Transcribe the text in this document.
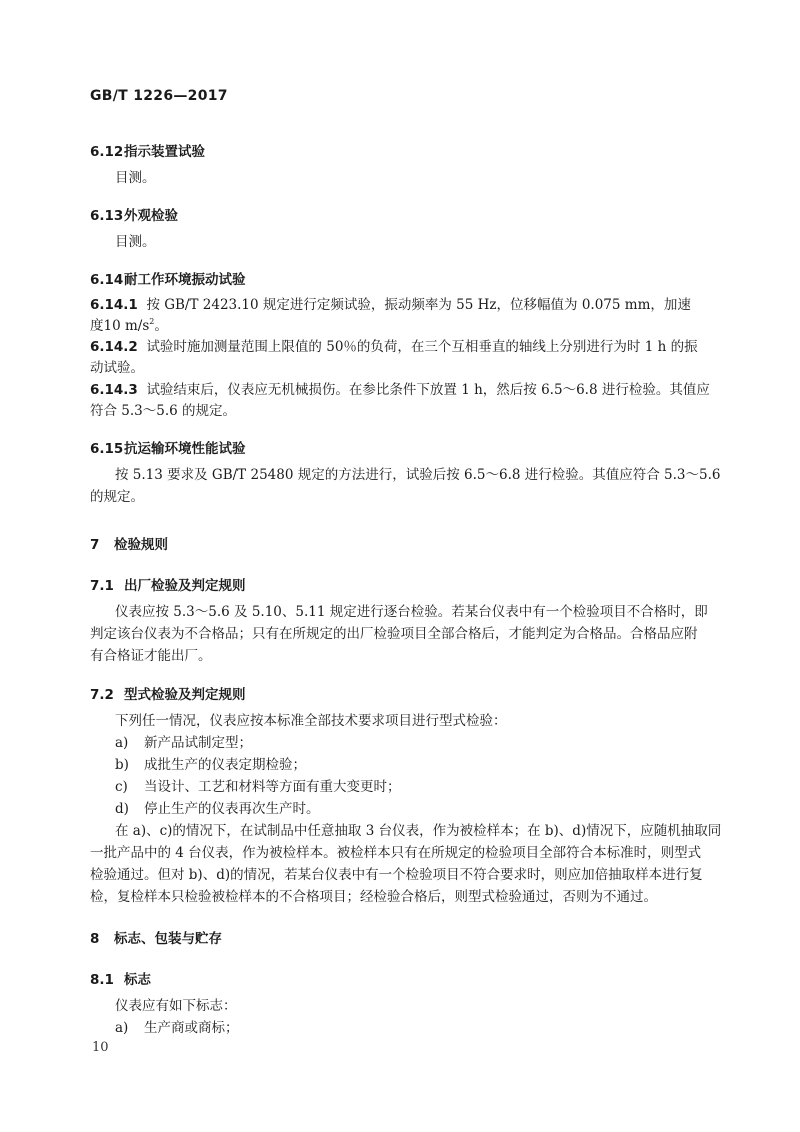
GB/T 1226—2017
6.12指示装置试验
目测。
6.13外观检验
目测。
6.14耐工作环境振动试验
6.14.1 按 GB/T 2423.10 规定进行定频试验，振动频率为 55 Hz，位移幅值为 0.075 mm，加速
度10 $m/s^2$。
6.14.2 试验时施加测量范围上限值的 50％的负荷，在三个互相垂直的轴线上分别进行为时 1 h 的振
动试验。
6.14.3 试验结束后，仪表应无机械损伤。在参比条件下放置 1 h，然后按 6.5～6.8 进行检验。其值应
符合 5.3～5.6 的规定。
6.15抗运输环境性能试验
按 5.13 要求及 GB/T 25480 规定的方法进行，试验后按 6.5～6.8 进行检验。其值应符合 5.3～5.6
的规定。
7 检验规则
7.1 出厂检验及判定规则
仪表应按 5.3～5.6 及 5.10、5.11 规定进行逐台检验。若某台仪表中有一个检验项目不合格时，即
判定该台仪表为不合格品；只有在所规定的出厂检验项目全部合格后，才能判定为合格品。合格品应附
有合格证才能出厂。
7.2 型式检验及判定规则
下列任一情况，仪表应按本标准全部技术要求项目进行型式检验：
a) 新产品试制定型；
b) 成批生产的仪表定期检验；
c) 当设计、工艺和材料等方面有重大变更时；
d) 停止生产的仪表再次生产时。
在 a)、c)的情况下，在试制品中任意抽取 3 台仪表，作为被检样本；在 b)、d)情况下，应随机抽取同
一批产品中的 4 台仪表，作为被检样本。被检样本只有在所规定的检验项目全部符合本标准时，则型式
检验通过。但对 b)、d)的情况，若某台仪表中有一个检验项目不符合要求时，则应加倍抽取样本进行复
检，复检样本只检验被检样本的不合格项目；经检验合格后，则型式检验通过，否则为不通过。
8 标志、包装与贮存
8.1 标志
仪表应有如下标志：
a) 生产商或商标；
10
